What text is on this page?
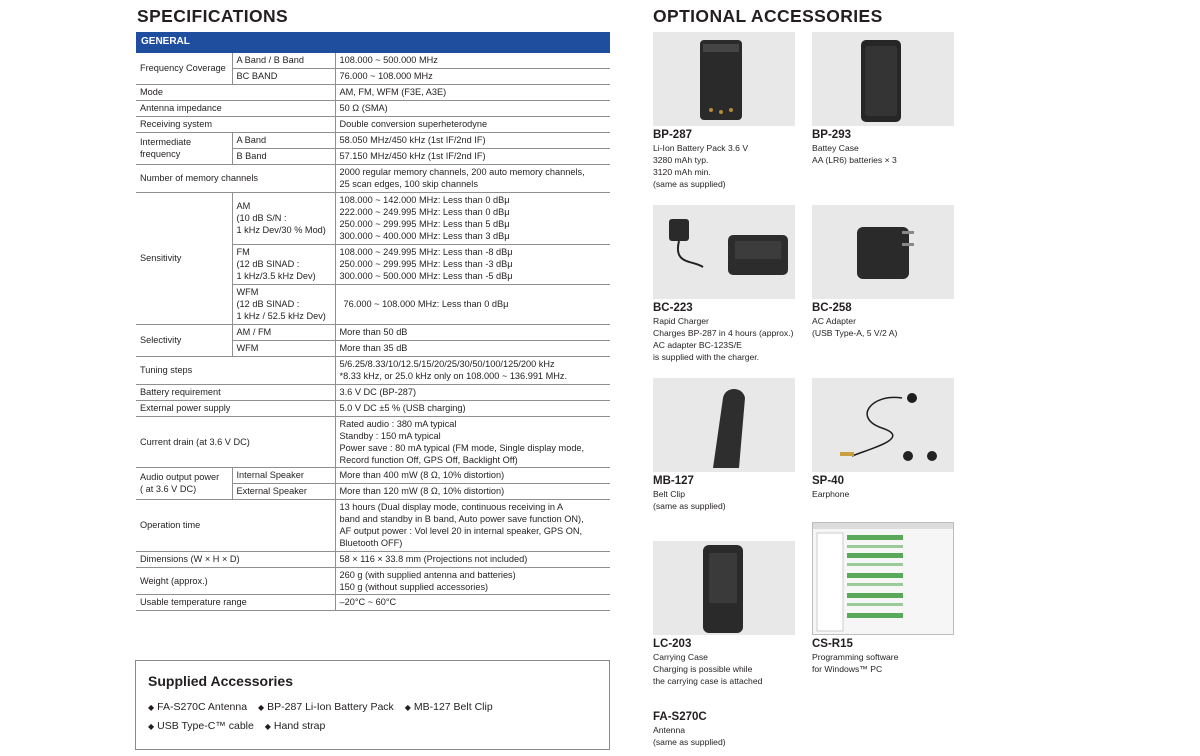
SPECIFICATIONS	OPTIONAL ACCESSORIES
GENERAL		
Frequency Coverage	A Band / B Band	108.000 ~ 500.000 MHz
	BC BAND	76.000 ~ 108.000 MHz
Mode		AM, FM, WFM (F3E, A3E)
Antenna impedance		50 Ω (SMA)
Receiving system		Double conversion superheterodyne
Intermediate
frequency	A Band	58.050 MHz/450 kHz (1st IF/2nd IF)
	B Band	57.150 MHz/450 kHz (1st IF/2nd IF)
Number of memory channels		2000 regular memory channels, 200 auto memory channels,
25 scan edges, 100 skip channels
Sensitivity	AM
(10 dB S/N :
1 kHz Dev/30 % Mod)	108.000 ~ 142.000 MHz: Less than 0 dBμ
222.000 ~ 249.995 MHz: Less than 0 dBμ
250.000 ~ 299.995 MHz: Less than 5 dBμ
300.000 ~ 400.000 MHz: Less than 3 dBμ
	FM
(12 dB SINAD :
1 kHz/3.5 kHz Dev)	108.000 ~ 249.995 MHz: Less than -8 dBμ
250.000 ~ 299.995 MHz: Less than -3 dBμ
300.000 ~ 500.000 MHz: Less than -5 dBμ
	WFM
(12 dB SINAD :
1 kHz / 52.5 kHz Dev)	76.000 ~ 108.000 MHz: Less than 0 dBμ
Selectivity	AM / FM	More than 50 dB
	WFM	More than 35 dB
Tuning steps		5/6.25/8.33/10/12.5/15/20/25/30/50/100/125/200 kHz
*8.33 kHz, or 25.0 kHz only on 108.000 ~ 136.991 MHz.
Battery requirement		3.6 V DC (BP-287)
External power supply		5.0 V DC ±5 % (USB charging)
Current drain (at 3.6 V DC)		Rated audio : 380 mA typical
Standby : 150 mA typical
Power save : 80 mA typical (FM mode, Single display mode,
Record function Off, GPS Off, Backlight Off)
Audio output power
( at 3.6 V DC)	Internal Speaker	More than 400 mW (8 Ω, 10% distortion)
	External Speaker	More than 120 mW (8 Ω, 10% distortion)
Operation time		13 hours (Dual display mode, continuous receiving in A
band and standby in B band, Auto power save function ON),
AF output power : Vol level 20 in internal speaker, GPS ON,
Bluetooth OFF)
Dimensions (W × H × D)		58 × 116 × 33.8 mm (Projections not included)
Weight (approx.)		260 g (with supplied antenna and batteries)
150 g (without supplied accessories)
Usable temperature range		–20°C ~ 60°C
Supplied Accessories
◆ FA-S270C Antenna ◆ BP-287 Li-Ion Battery Pack ◆ MB-127 Belt Clip
◆ USB Type-C™ cable ◆ Hand strap
BP-287
Li-Ion Battery Pack 3.6 V
3280 mAh typ.
3120 mAh min.
(same as supplied)
BP-293
Battey Case
AA (LR6) batteries × 3
BC-223
Rapid Charger
Charges BP-287 in 4 hours (approx.)
AC adapter BC-123S/E
is supplied with the charger.
BC-258
AC Adapter
(USB Type-A, 5 V/2 A)
MB-127
Belt Clip
(same as supplied)
SP-40
Earphone
LC-203
Carrying Case
Charging is possible while
the carrying case is attached
CS-R15
Programming software
for Windows™ PC
FA-S270C
Antenna
(same as supplied)
